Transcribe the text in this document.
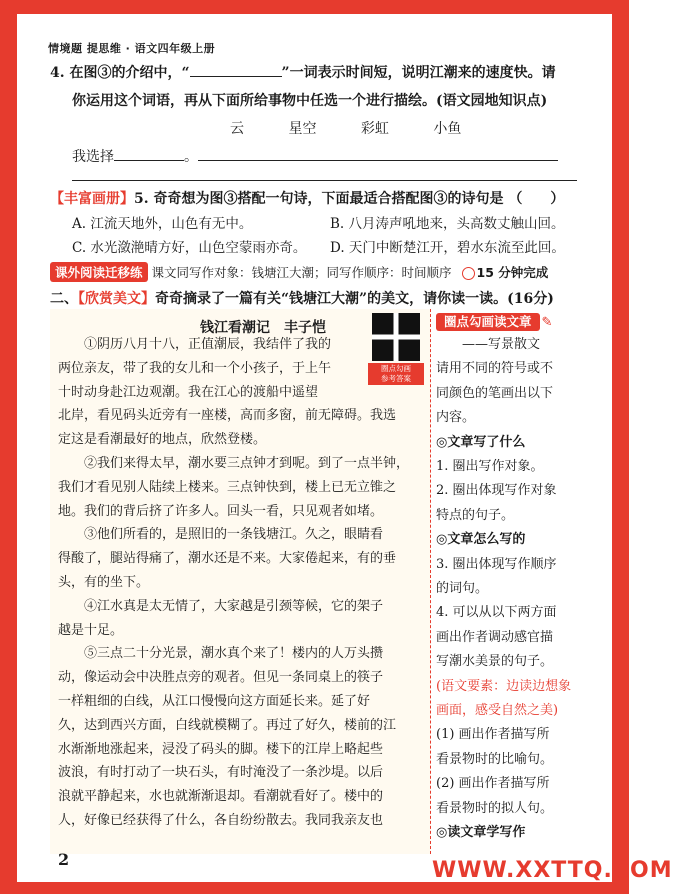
情境题 提思维 · 语文四年级上册
4. 在图③的介绍中，“	”一词表示时间短，说明江潮来的速度快。请
你运用这个词语，再从下面所给事物中任选一个进行描绘。(语文园地知识点)
云	星空	彩虹	小鱼
我选择	。
【丰富画册】5. 奇奇想为图③搭配一句诗，下面最适合搭配图③的诗句是 （　　）
A. 江流天地外，山色有无中。	B. 八月涛声吼地来，头高数丈触山回。
C. 水光潋滟晴方好，山色空蒙雨亦奇。 D. 天门中断楚江开，碧水东流至此回。
课外阅读迁移练 课文同写作对象：钱塘江大潮；同写作顺序：时间顺序 15 分钟完成
二、【欣赏美文】奇奇摘录了一篇有关“钱塘江大潮”的美文，请你读一读。(16分)
钱江看潮记　丰子恺
圈点勾画
参考答案
　　①阴历八月十八，正值潮辰，我结伴了我的
两位亲友，带了我的女儿和一个小孩子，于上午
十时动身赴江边观潮。我在江心的渡船中遥望
北岸，看见码头近旁有一座楼，高而多窗，前无障碍。我选
定这是看潮最好的地点，欣然登楼。
　　②我们来得太早，潮水要三点钟才到呢。到了一点半钟，
我们才看见别人陆续上楼来。三点钟快到，楼上已无立锥之
地。我们的背后挤了许多人。回头一看，只见观者如堵。
　　③他们所看的，是照旧的一条钱塘江。久之，眼睛看
得酸了，腿站得痛了，潮水还是不来。大家倦起来，有的垂
头，有的坐下。
　　④江水真是太无情了，大家越是引颈等候，它的架子
越是十足。
　　⑤三点二十分光景，潮水真个来了！楼内的人万头攒
动，像运动会中决胜点旁的观者。但见一条同桌上的筷子
一样粗细的白线，从江口慢慢向这方面延长来。延了好
久，达到西兴方面，白线就模糊了。再过了好久，楼前的江
水渐渐地涨起来，浸没了码头的脚。楼下的江岸上略起些
波浪，有时打动了一块石头，有时淹没了一条沙堤。以后
浪就平静起来，水也就渐渐退却。看潮就看好了。楼中的
人，好像已经获得了什么，各自纷纷散去。我同我亲友也
圈点勾画读文章 ✎
　　——写景散文
请用不同的符号或不
同颜色的笔画出以下
内容。
◎文章写了什么
1. 圈出写作对象。
2. 圈出体现写作对象
特点的句子。
◎文章怎么写的
3. 圈出体现写作顺序
的词句。
4. 可以从以下两方面
画出作者调动感官描
写潮水美景的句子。
(语文要素：边读边想象
画面，感受自然之美)
(1) 画出作者描写所
看景物时的比喻句。
(2) 画出作者描写所
看景物时的拟人句。
◎读文章学写作
2	WWW.XXTTQ.COM
